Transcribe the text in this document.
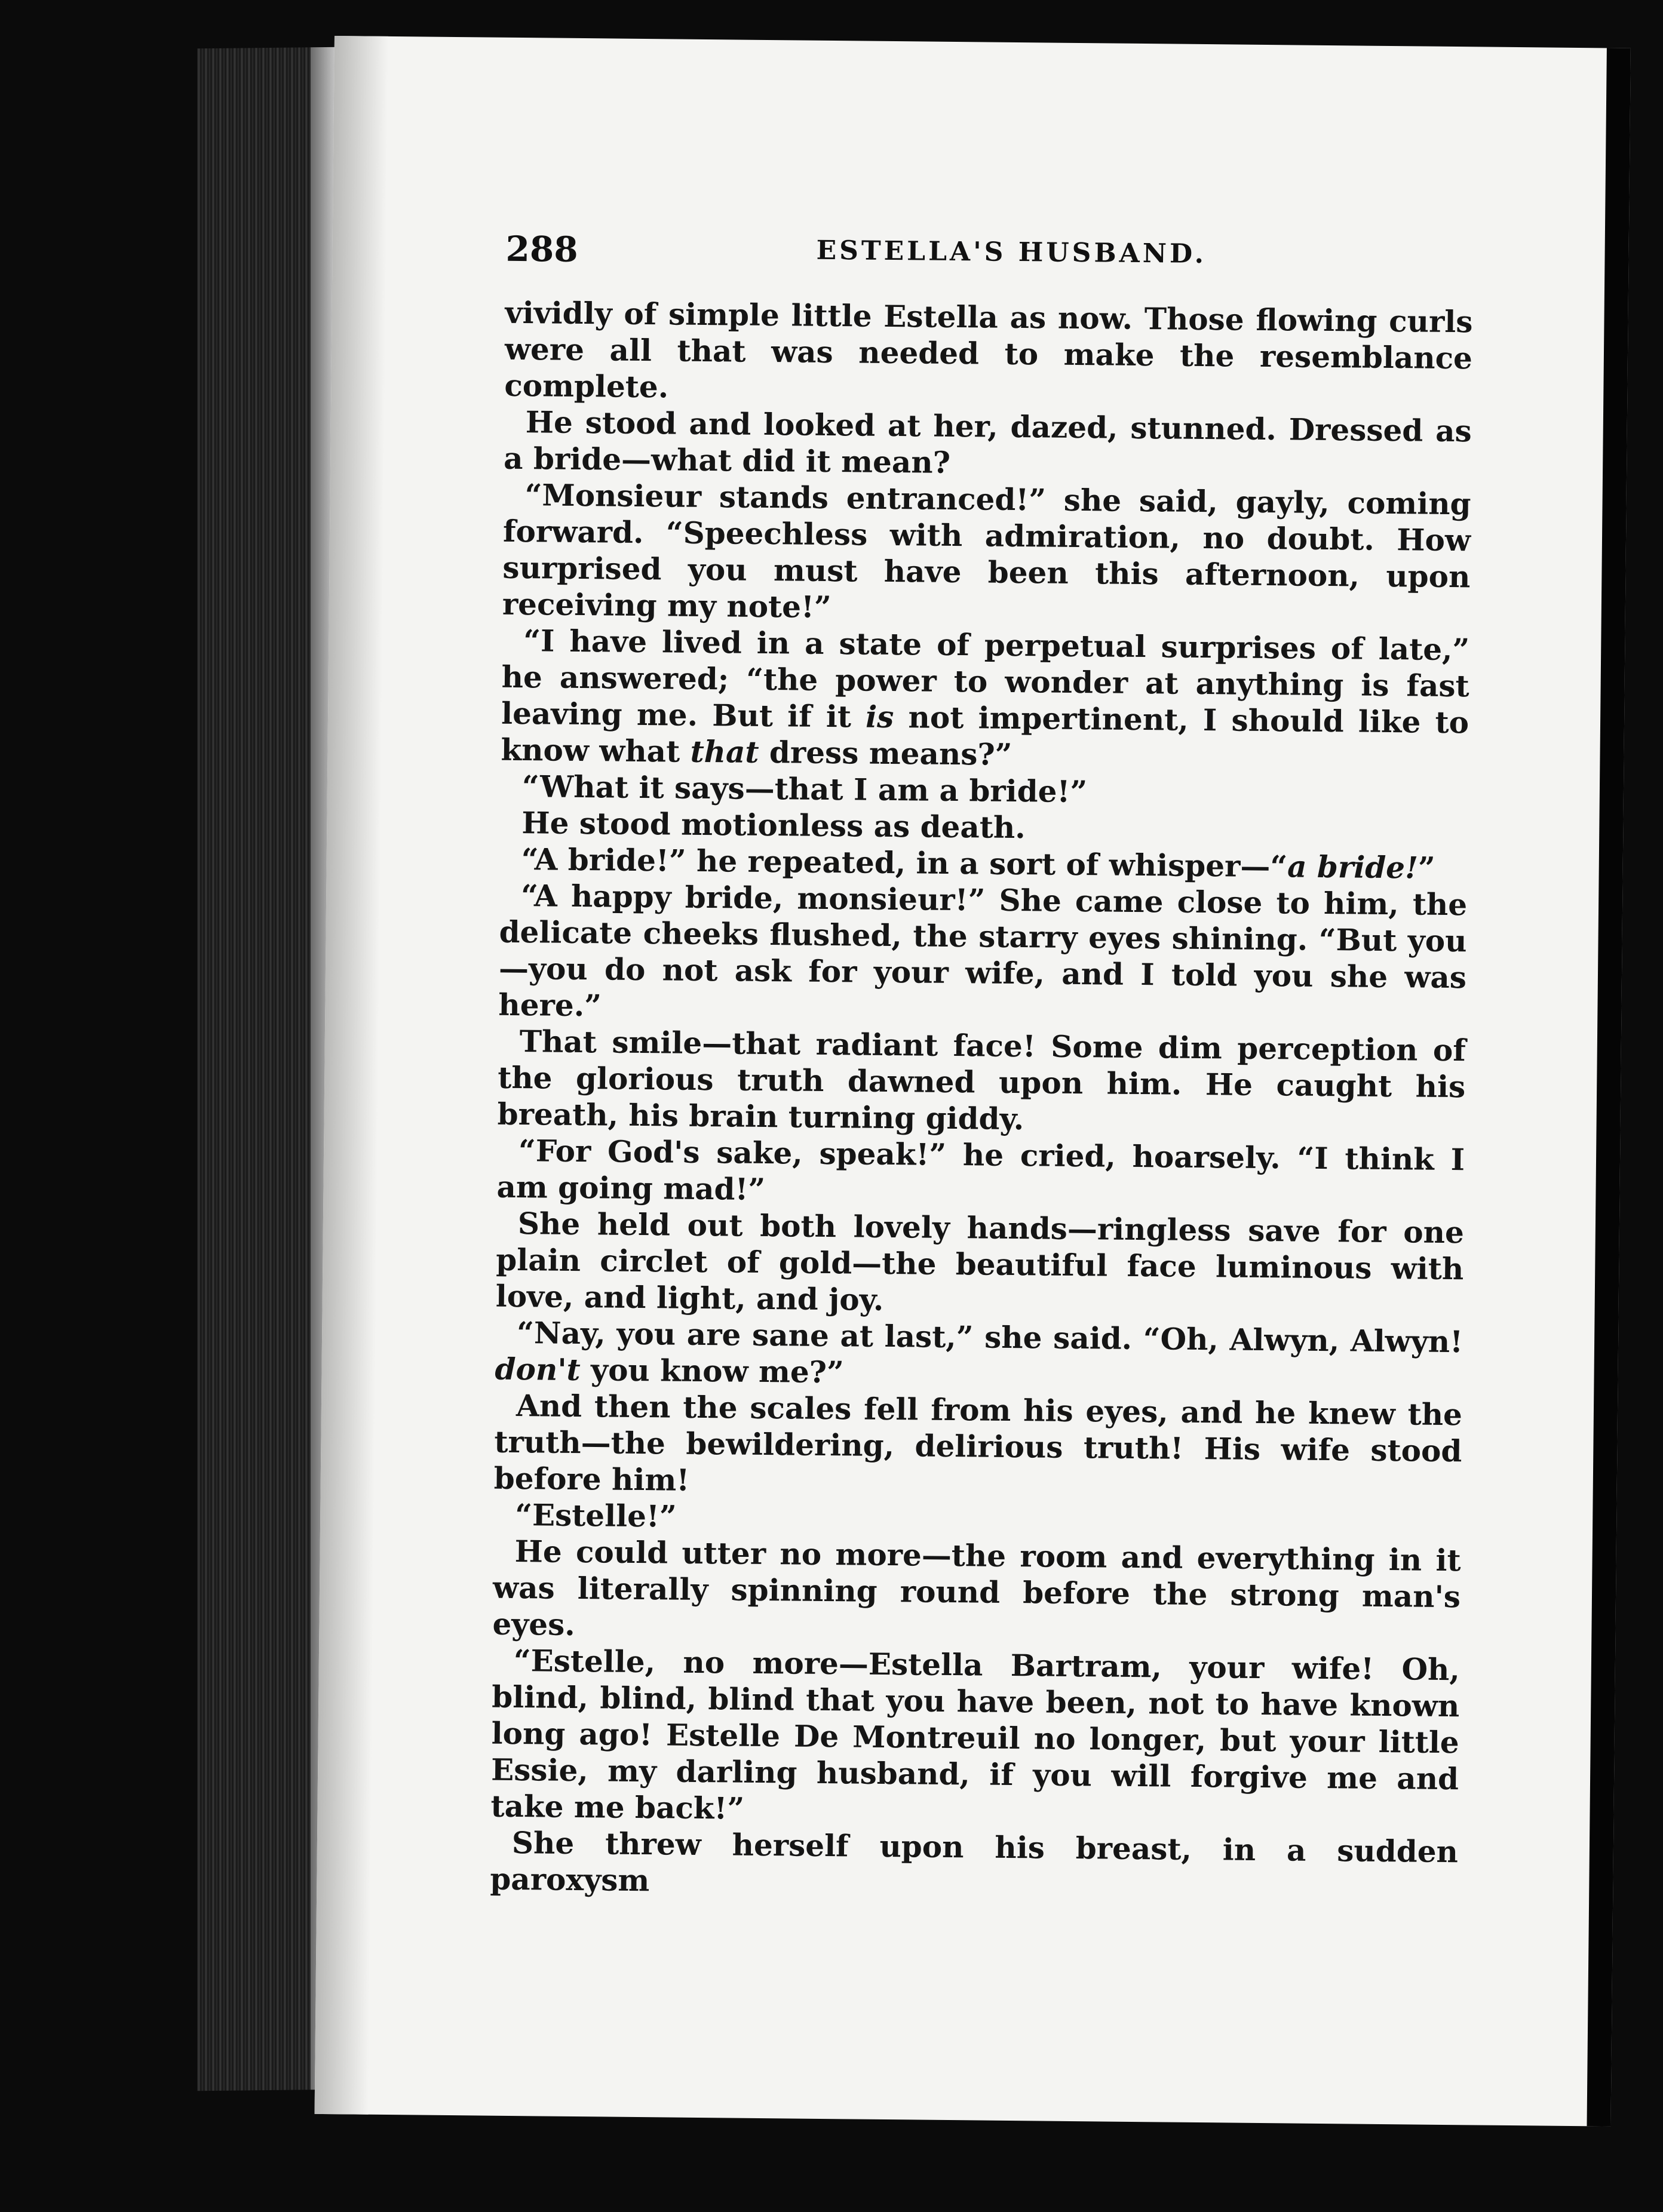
288	ESTELLA'S HUSBAND.

vividly of simple little Estella as now. Those flowing curls were all that was needed to make the resemblance complete.

He stood and looked at her, dazed, stunned. Dressed as a bride—what did it mean?

“Monsieur stands entranced!” she said, gayly, coming forward. “Speechless with admiration, no doubt. How surprised you must have been this afternoon, upon receiving my note!”

“I have lived in a state of perpetual surprises of late,” he answered; “the power to wonder at anything is fast leaving me. But if it is not impertinent, I should like to know what that dress means?”

“What it says—that I am a bride!”

He stood motionless as death.

“A bride!” he repeated, in a sort of whisper—“a bride!”

“A happy bride, monsieur!” She came close to him, the delicate cheeks flushed, the starry eyes shining. “But you—you do not ask for your wife, and I told you she was here.”

That smile—that radiant face! Some dim perception of the glorious truth dawned upon him. He caught his breath, his brain turning giddy.

“For God's sake, speak!” he cried, hoarsely. “I think I am going mad!”

She held out both lovely hands—ringless save for one plain circlet of gold—the beautiful face luminous with love, and light, and joy.

“Nay, you are sane at last,” she said. “Oh, Alwyn, Alwyn! don't you know me?”

And then the scales fell from his eyes, and he knew the truth—the bewildering, delirious truth! His wife stood before him!

“Estelle!”

He could utter no more—the room and everything in it was literally spinning round before the strong man's eyes.

“Estelle, no more—Estella Bartram, your wife! Oh, blind, blind, blind that you have been, not to have known long ago! Estelle De Montreuil no longer, but your little Essie, my darling husband, if you will forgive me and take me back!”

She threw herself upon his breast, in a sudden paroxysm
